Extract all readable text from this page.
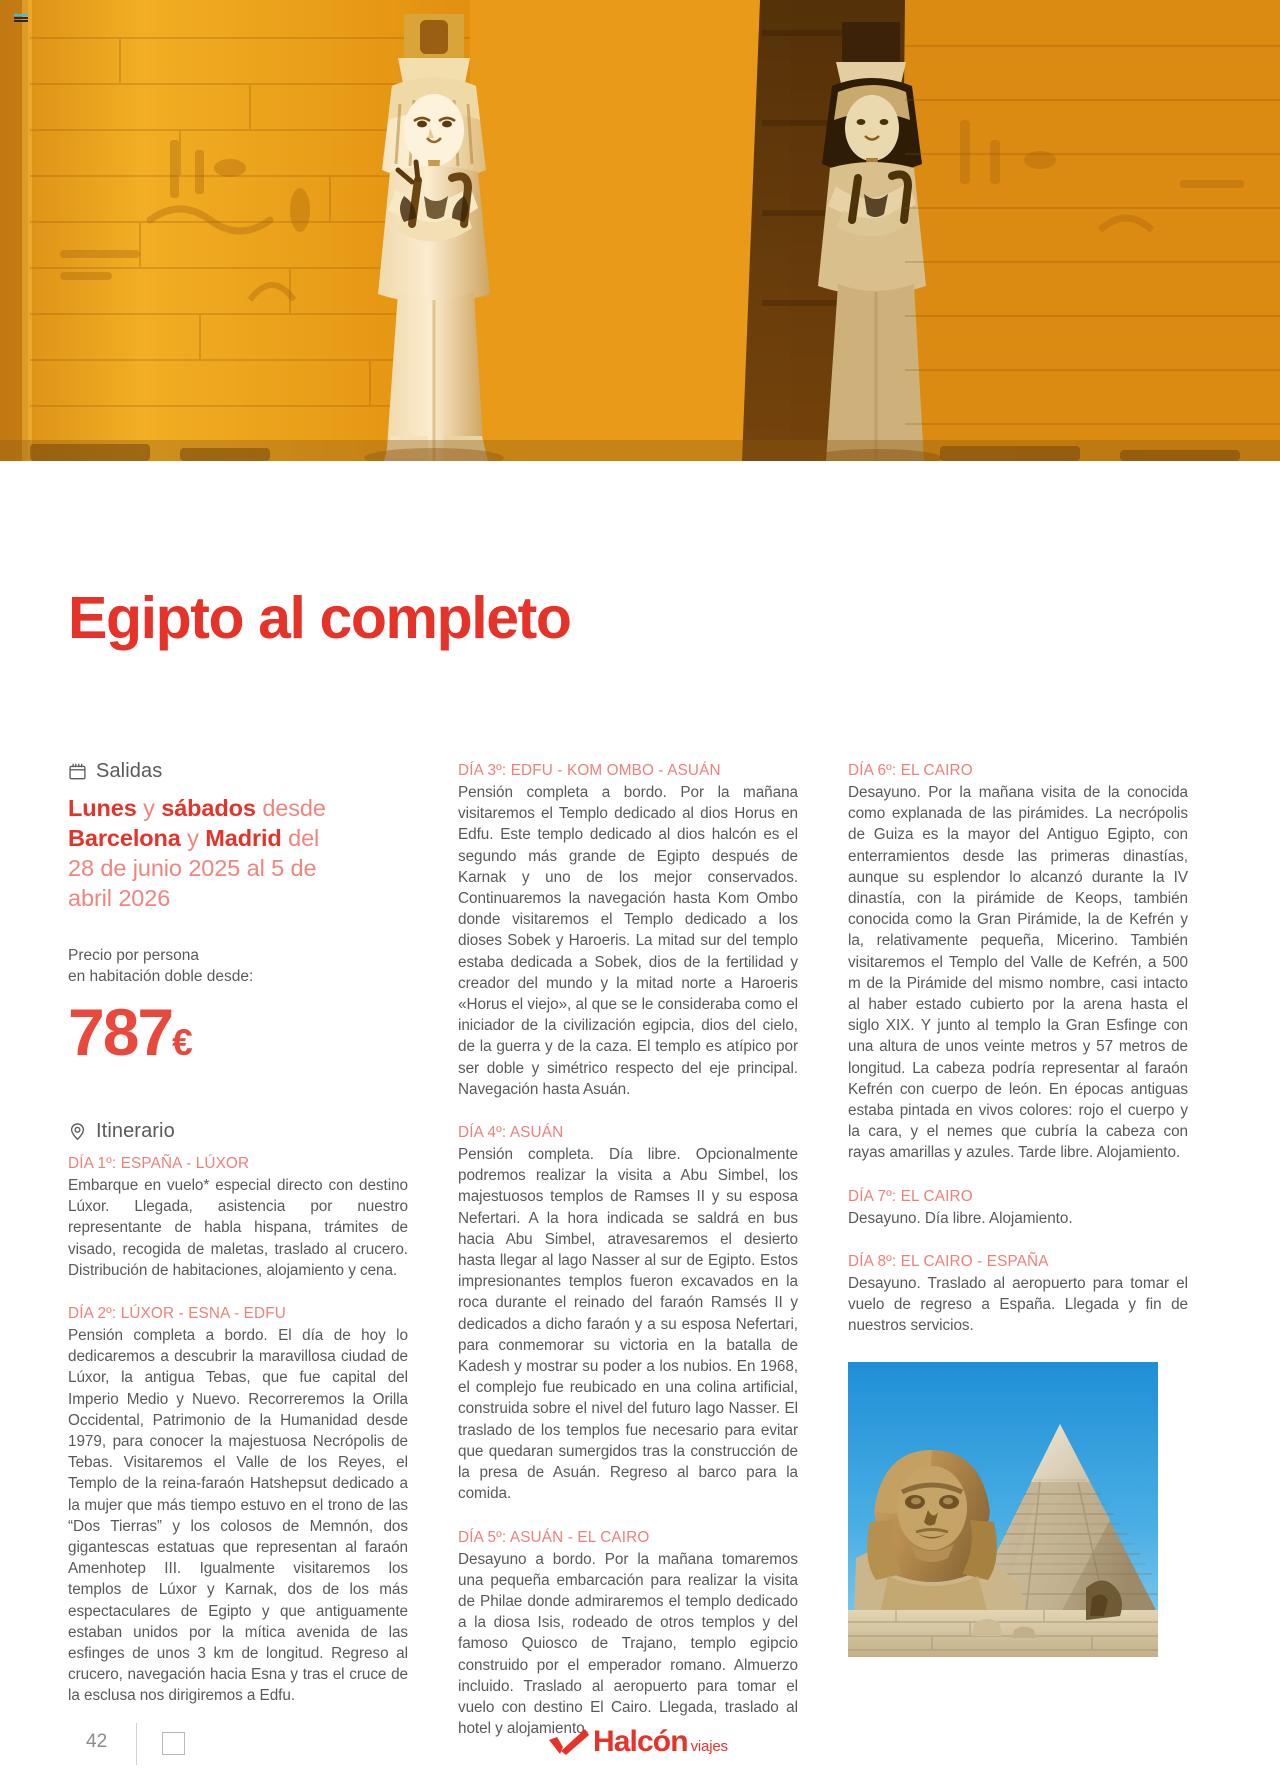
Egipto al completo
Salidas
Lunes y sábados desde
Barcelona y Madrid del
28 de junio 2025 al 5 de
abril 2026
Precio por persona
en habitación doble desde:
787€
Itinerario
DÍA 1º: ESPAÑA - LÚXOR
Embarque en vuelo* especial directo con destino Lúxor. Llegada, asistencia por nuestro representante de habla hispana, trámites de visado, recogida de maletas, traslado al crucero. Distribución de habitaciones, alojamiento y cena.
DÍA 2º: LÚXOR - ESNA - EDFU
Pensión completa a bordo. El día de hoy lo dedicaremos a descubrir la maravillosa ciudad de Lúxor, la antigua Tebas, que fue capital del Imperio Medio y Nuevo. Recorreremos la Orilla Occidental, Patrimonio de la Humanidad desde 1979, para conocer la majestuosa Necrópolis de Tebas. Visitaremos el Valle de los Reyes, el Templo de la reina-faraón Hatshepsut dedicado a la mujer que más tiempo estuvo en el trono de las “Dos Tierras” y los colosos de Memnón, dos gigantescas estatuas que representan al faraón Amenhotep III. Igualmente visitaremos los templos de Lúxor y Karnak, dos de los más espectaculares de Egipto y que antiguamente estaban unidos por la mítica avenida de las esfinges de unos 3 km de longitud. Regreso al crucero, navegación hacia Esna y tras el cruce de la esclusa nos dirigiremos a Edfu.
DÍA 3º: EDFU - KOM OMBO - ASUÁN
Pensión completa a bordo. Por la mañana visitaremos el Templo dedicado al dios Horus en Edfu. Este templo dedicado al dios halcón es el segundo más grande de Egipto después de Karnak y uno de los mejor conservados. Continuaremos la navegación hasta Kom Ombo donde visitaremos el Templo dedicado a los dioses Sobek y Haroeris. La mitad sur del templo estaba dedicada a Sobek, dios de la fertilidad y creador del mundo y la mitad norte a Haroeris «Horus el viejo», al que se le consideraba como el iniciador de la civilización egipcia, dios del cielo, de la guerra y de la caza. El templo es atípico por ser doble y simétrico respecto del eje principal. Navegación hasta Asuán.
DÍA 4º: ASUÁN
Pensión completa. Día libre. Opcionalmente podremos realizar la visita a Abu Simbel, los majestuosos templos de Ramses II y su esposa Nefertari. A la hora indicada se saldrá en bus hacia Abu Simbel, atravesaremos el desierto hasta llegar al lago Nasser al sur de Egipto. Estos impresionantes templos fueron excavados en la roca durante el reinado del faraón Ramsés II y dedicados a dicho faraón y a su esposa Nefertari, para conmemorar su victoria en la batalla de Kadesh y mostrar su poder a los nubios. En 1968, el complejo fue reubicado en una colina artificial, construida sobre el nivel del futuro lago Nasser. El traslado de los templos fue necesario para evitar que quedaran sumergidos tras la construcción de la presa de Asuán. Regreso al barco para la comida.
DÍA 5º: ASUÁN - EL CAIRO
Desayuno a bordo. Por la mañana tomaremos una pequeña embarcación para realizar la visita de Philae donde admiraremos el templo dedicado a la diosa Isis, rodeado de otros templos y del famoso Quiosco de Trajano, templo egipcio construido por el emperador romano. Almuerzo incluido. Traslado al aeropuerto para tomar el vuelo con destino El Cairo. Llegada, traslado al hotel y alojamiento.
DÍA 6º: EL CAIRO
Desayuno. Por la mañana visita de la conocida como explanada de las pirámides. La necrópolis de Guiza es la mayor del Antiguo Egipto, con enterramientos desde las primeras dinastías, aunque su esplendor lo alcanzó durante la IV dinastía, con la pirámide de Keops, también conocida como la Gran Pirámide, la de Kefrén y la, relativamente pequeña, Micerino. También visitaremos el Templo del Valle de Kefrén, a 500 m de la Pirámide del mismo nombre, casi intacto al haber estado cubierto por la arena hasta el siglo XIX. Y junto al templo la Gran Esfinge con una altura de unos veinte metros y 57 metros de longitud. La cabeza podría representar al faraón Kefrén con cuerpo de león. En épocas antiguas estaba pintada en vivos colores: rojo el cuerpo y la cara, y el nemes que cubría la cabeza con rayas amarillas y azules. Tarde libre. Alojamiento.
DÍA 7º: EL CAIRO
Desayuno. Día libre. Alojamiento.
DÍA 8º: EL CAIRO - ESPAÑA
Desayuno. Traslado al aeropuerto para tomar el vuelo de regreso a España. Llegada y fin de nuestros servicios.
42	Halcón viajes
